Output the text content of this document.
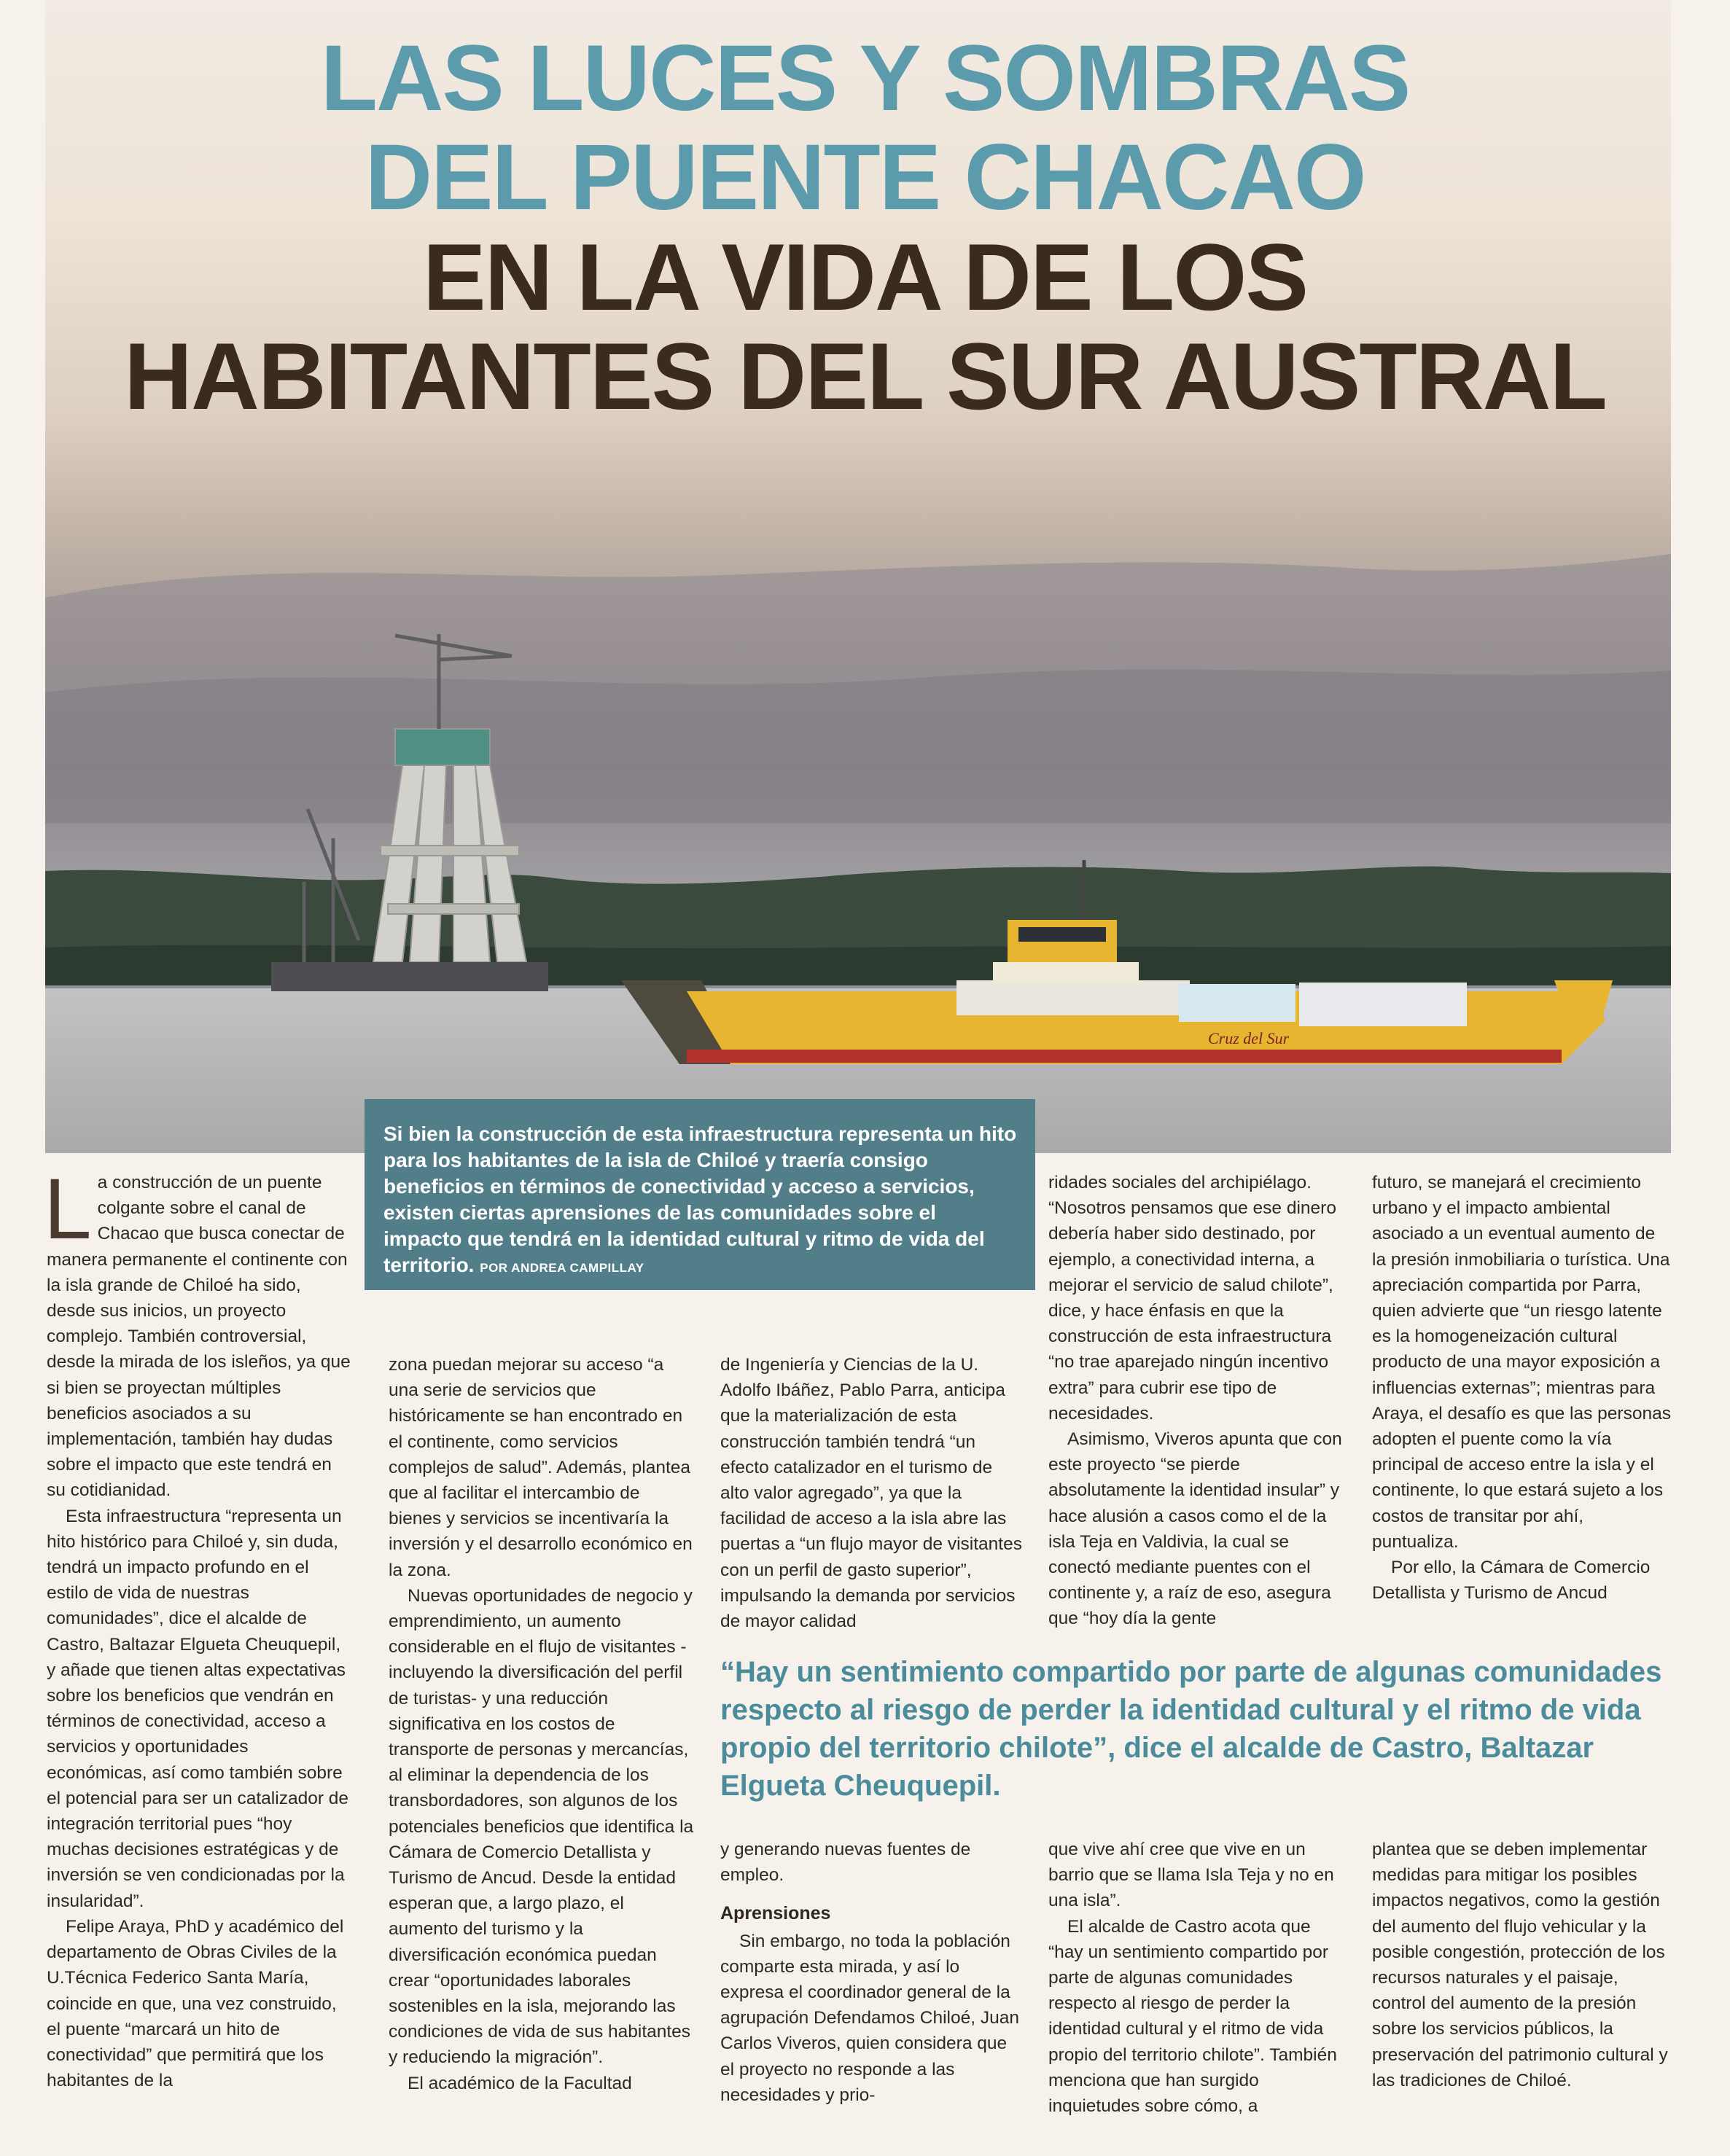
Cruz del Sur
LAS LUCES Y SOMBRAS
DEL PUENTE CHACAO
EN LA VIDA DE LOS
HABITANTES DEL SUR AUSTRAL
Si bien la construcción de esta infraestructura representa un hito para los habitantes de la isla de Chiloé y traería consigo beneficios en términos de conectividad y acceso a servicios, existen ciertas aprensiones de las comunidades sobre el impacto que tendrá en la identidad cultural y ritmo de vida del territorio. POR ANDREA CAMPILLAY

La construcción de un puente colgante sobre el canal de Chacao que busca conectar de manera permanente el continente con la isla grande de Chiloé ha sido, desde sus inicios, un proyecto complejo. También controversial, desde la mirada de los isleños, ya que si bien se proyectan múltiples beneficios asociados a su implementación, también hay dudas sobre el impacto que este tendrá en su cotidianidad.

Esta infraestructura “representa un hito histórico para Chiloé y, sin duda, tendrá un impacto profundo en el estilo de vida de nuestras comunidades”, dice el alcalde de Castro, Baltazar Elgueta Cheuquepil, y añade que tienen altas expectativas sobre los beneficios que vendrán en términos de conectividad, acceso a servicios y oportunidades económicas, así como también sobre el potencial para ser un catalizador de integración territorial pues “hoy muchas decisiones estratégicas y de inversión se ven condicionadas por la insularidad”.

Felipe Araya, PhD y académico del departamento de Obras Civiles de la U.Técnica Federico Santa María, coincide en que, una vez construido, el puente “marcará un hito de conectividad” que permitirá que los habitantes de la

zona puedan mejorar su acceso “a una serie de servicios que históricamente se han encontrado en el continente, como servicios complejos de salud”. Además, plantea que al facilitar el intercambio de bienes y servicios se incentivaría la inversión y el desarrollo económico en la zona.

Nuevas oportunidades de negocio y emprendimiento, un aumento considerable en el flujo de visitantes -incluyendo la diversificación del perfil de turistas- y una reducción significativa en los costos de transporte de personas y mercancías, al eliminar la dependencia de los transbordadores, son algunos de los potenciales beneficios que identifica la Cámara de Comercio Detallista y Turismo de Ancud. Desde la entidad esperan que, a largo plazo, el aumento del turismo y la diversificación económica puedan crear “oportunidades laborales sostenibles en la isla, mejorando las condiciones de vida de sus habitantes y reduciendo la migración”.

El académico de la Facultad

de Ingeniería y Ciencias de la U. Adolfo Ibáñez, Pablo Parra, anticipa que la materialización de esta construcción también tendrá “un efecto catalizador en el turismo de alto valor agregado”, ya que la facilidad de acceso a la isla abre las puertas a “un flujo mayor de visitantes con un perfil de gasto superior”, impulsando la demanda por servicios de mayor calidad

y generando nuevas fuentes de empleo.

Aprensiones

Sin embargo, no toda la población comparte esta mirada, y así lo expresa el coordinador general de la agrupación Defendamos Chiloé, Juan Carlos Viveros, quien considera que el proyecto no responde a las necesidades y prio-

ridades sociales del archipiélago. “Nosotros pensamos que ese dinero debería haber sido destinado, por ejemplo, a conectividad interna, a mejorar el servicio de salud chilote”, dice, y hace énfasis en que la construcción de esta infraestructura “no trae aparejado ningún incentivo extra” para cubrir ese tipo de necesidades.

Asimismo, Viveros apunta que con este proyecto “se pierde absolutamente la identidad insular” y hace alusión a casos como el de la isla Teja en Valdivia, la cual se conectó mediante puentes con el continente y, a raíz de eso, asegura que “hoy día la gente

que vive ahí cree que vive en un barrio que se llama Isla Teja y no en una isla”.

El alcalde de Castro acota que “hay un sentimiento compartido por parte de algunas comunidades respecto al riesgo de perder la identidad cultural y el ritmo de vida propio del territorio chilote”. También menciona que han surgido inquietudes sobre cómo, a

futuro, se manejará el crecimiento urbano y el impacto ambiental asociado a un eventual aumento de la presión inmobiliaria o turística. Una apreciación compartida por Parra, quien advierte que “un riesgo latente es la homogeneización cultural producto de una mayor exposición a influencias externas”; mientras para Araya, el desafío es que las personas adopten el puente como la vía principal de acceso entre la isla y el continente, lo que estará sujeto a los costos de transitar por ahí, puntualiza.

Por ello, la Cámara de Comercio Detallista y Turismo de Ancud

plantea que se deben implementar medidas para mitigar los posibles impactos negativos, como la gestión del aumento del flujo vehicular y la posible congestión, protección de los recursos naturales y el paisaje, control del aumento de la presión sobre los servicios públicos, la preservación del patrimonio cultural y las tradiciones de Chiloé.

“Hay un sentimiento compartido por parte de algunas comunidades respecto al riesgo de perder la identidad cultural y el ritmo de vida propio del territorio chilote”, dice el alcalde de Castro, Baltazar Elgueta Cheuquepil.
